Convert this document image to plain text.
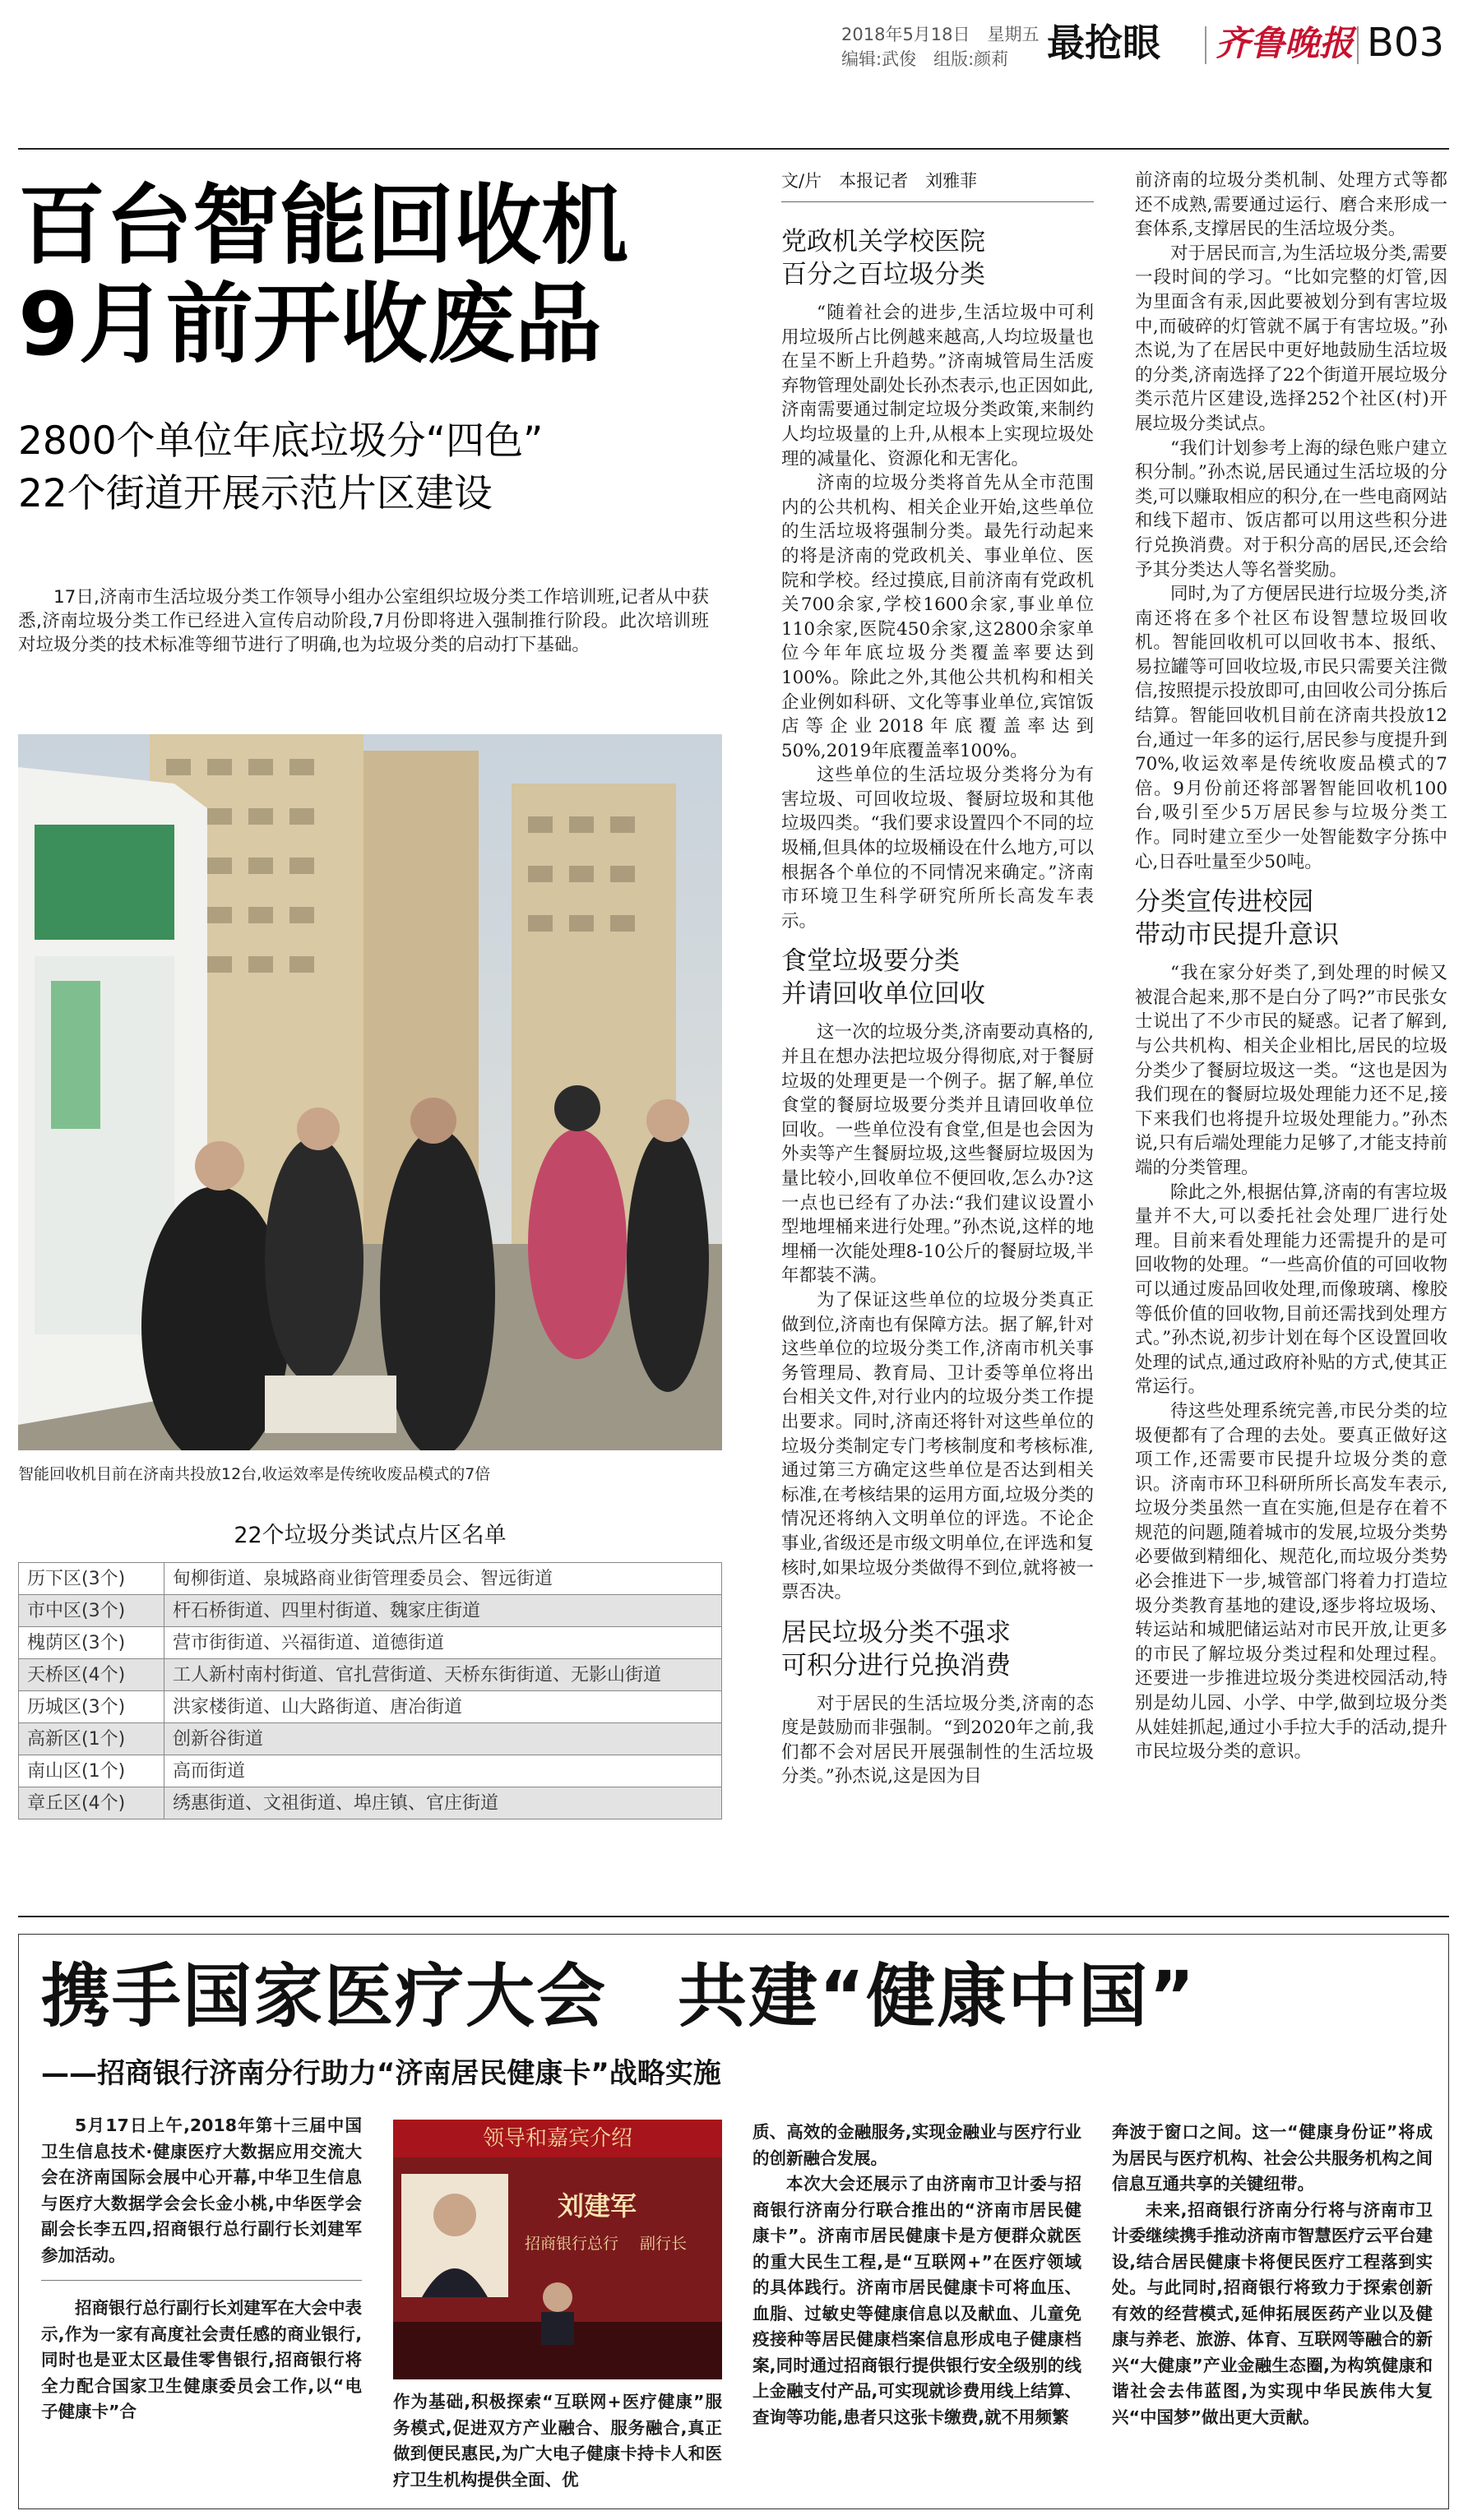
2018年5月18日　星期五
编辑:武俊　组版:颜莉 最抢眼 齐鲁晚报 B03
百台智能回收机
9月前开收废品
2800个单位年底垃圾分“四色”
22个街道开展示范片区建设
17日,济南市生活垃圾分类工作领导小组办公室组织垃圾分类工作培训班,记者从中获悉,济南垃圾分类工作已经进入宣传启动阶段,7月份即将进入强制推行阶段。此次培训班对垃圾分类的技术标准等细节进行了明确,也为垃圾分类的启动打下基础。
智能回收机目前在济南共投放12台,收运效率是传统收废品模式的7倍
22个垃圾分类试点片区名单
历下区(3个)	甸柳街道、泉城路商业街管理委员会、智远街道
市中区(3个)	杆石桥街道、四里村街道、魏家庄街道
槐荫区(3个)	营市街街道、兴福街道、道德街道
天桥区(4个)	工人新村南村街道、官扎营街道、天桥东街街道、无影山街道
历城区(3个)	洪家楼街道、山大路街道、唐冶街道
高新区(1个)	创新谷街道
南山区(1个)	高而街道
章丘区(4个)	绣惠街道、文祖街道、埠庄镇、官庄街道
文/片　本报记者　刘雅菲
党政机关学校医院
百分之百垃圾分类

“随着社会的进步,生活垃圾中可利用垃圾所占比例越来越高,人均垃圾量也在呈不断上升趋势。”济南城管局生活废弃物管理处副处长孙杰表示,也正因如此,济南需要通过制定垃圾分类政策,来制约人均垃圾量的上升,从根本上实现垃圾处理的减量化、资源化和无害化。

济南的垃圾分类将首先从全市范围内的公共机构、相关企业开始,这些单位的生活垃圾将强制分类。最先行动起来的将是济南的党政机关、事业单位、医院和学校。经过摸底,目前济南有党政机关700余家,学校1600余家,事业单位110余家,医院450余家,这2800余家单位今年年底垃圾分类覆盖率要达到100%。除此之外,其他公共机构和相关企业例如科研、文化等事业单位,宾馆饭店等企业2018年底覆盖率达到50%,2019年底覆盖率100%。

这些单位的生活垃圾分类将分为有害垃圾、可回收垃圾、餐厨垃圾和其他垃圾四类。“我们要求设置四个不同的垃圾桶,但具体的垃圾桶设在什么地方,可以根据各个单位的不同情况来确定。”济南市环境卫生科学研究所所长高发车表示。

食堂垃圾要分类
并请回收单位回收

这一次的垃圾分类,济南要动真格的,并且在想办法把垃圾分得彻底,对于餐厨垃圾的处理更是一个例子。据了解,单位食堂的餐厨垃圾要分类并且请回收单位回收。一些单位没有食堂,但是也会因为外卖等产生餐厨垃圾,这些餐厨垃圾因为量比较小,回收单位不便回收,怎么办?这一点也已经有了办法:“我们建议设置小型地埋桶来进行处理。”孙杰说,这样的地埋桶一次能处理8-10公斤的餐厨垃圾,半年都装不满。

为了保证这些单位的垃圾分类真正做到位,济南也有保障方法。据了解,针对这些单位的垃圾分类工作,济南市机关事务管理局、教育局、卫计委等单位将出台相关文件,对行业内的垃圾分类工作提出要求。同时,济南还将针对这些单位的垃圾分类制定专门考核制度和考核标准,通过第三方确定这些单位是否达到相关标准,在考核结果的运用方面,垃圾分类的情况还将纳入文明单位的评选。不论企事业,省级还是市级文明单位,在评选和复核时,如果垃圾分类做得不到位,就将被一票否决。

居民垃圾分类不强求
可积分进行兑换消费

对于居民的生活垃圾分类,济南的态度是鼓励而非强制。“到2020年之前,我们都不会对居民开展强制性的生活垃圾分类。”孙杰说,这是因为目

前济南的垃圾分类机制、处理方式等都还不成熟,需要通过运行、磨合来形成一套体系,支撑居民的生活垃圾分类。

对于居民而言,为生活垃圾分类,需要一段时间的学习。“比如完整的灯管,因为里面含有汞,因此要被划分到有害垃圾中,而破碎的灯管就不属于有害垃圾。”孙杰说,为了在居民中更好地鼓励生活垃圾的分类,济南选择了22个街道开展垃圾分类示范片区建设,选择252个社区(村)开展垃圾分类试点。

“我们计划参考上海的绿色账户建立积分制。”孙杰说,居民通过生活垃圾的分类,可以赚取相应的积分,在一些电商网站和线下超市、饭店都可以用这些积分进行兑换消费。对于积分高的居民,还会给予其分类达人等名誉奖励。

同时,为了方便居民进行垃圾分类,济南还将在多个社区布设智慧垃圾回收机。智能回收机可以回收书本、报纸、易拉罐等可回收垃圾,市民只需要关注微信,按照提示投放即可,由回收公司分拣后结算。智能回收机目前在济南共投放12台,通过一年多的运行,居民参与度提升到70%,收运效率是传统收废品模式的7倍。9月份前还将部署智能回收机100台,吸引至少5万居民参与垃圾分类工作。同时建立至少一处智能数字分拣中心,日吞吐量至少50吨。

分类宣传进校园
带动市民提升意识

“我在家分好类了,到处理的时候又被混合起来,那不是白分了吗?”市民张女士说出了不少市民的疑惑。记者了解到,与公共机构、相关企业相比,居民的垃圾分类少了餐厨垃圾这一类。“这也是因为我们现在的餐厨垃圾处理能力还不足,接下来我们也将提升垃圾处理能力。”孙杰说,只有后端处理能力足够了,才能支持前端的分类管理。

除此之外,根据估算,济南的有害垃圾量并不大,可以委托社会处理厂进行处理。目前来看处理能力还需提升的是可回收物的处理。“一些高价值的可回收物可以通过废品回收处理,而像玻璃、橡胶等低价值的回收物,目前还需找到处理方式。”孙杰说,初步计划在每个区设置回收处理的试点,通过政府补贴的方式,使其正常运行。

待这些处理系统完善,市民分类的垃圾便都有了合理的去处。要真正做好这项工作,还需要市民提升垃圾分类的意识。济南市环卫科研所所长高发车表示,垃圾分类虽然一直在实施,但是存在着不规范的问题,随着城市的发展,垃圾分类势必要做到精细化、规范化,而垃圾分类势必会推进下一步,城管部门将着力打造垃圾分类教育基地的建设,逐步将垃圾场、转运站和城肥储运站对市民开放,让更多的市民了解垃圾分类过程和处理过程。还要进一步推进垃圾分类进校园活动,特别是幼儿园、小学、中学,做到垃圾分类从娃娃抓起,通过小手拉大手的活动,提升市民垃圾分类的意识。

携手国家医疗大会　共建“健康中国”
——招商银行济南分行助力“济南居民健康卡”战略实施

5月17日上午,2018年第十三届中国卫生信息技术·健康医疗大数据应用交流大会在济南国际会展中心开幕,中华卫生信息与医疗大数据学会会长金小桃,中华医学会副会长李五四,招商银行总行副行长刘建军参加活动。

招商银行总行副行长刘建军在大会中表示,作为一家有高度社会责任感的商业银行,同时也是亚太区最佳零售银行,招商银行将全力配合国家卫生健康委员会工作,以“电子健康卡”合

领导和嘉宾介绍
刘建军
招商银行总行 副行长

作为基础,积极探索“互联网+医疗健康”服务模式,促进双方产业融合、服务融合,真正做到便民惠民,为广大电子健康卡持卡人和医疗卫生机构提供全面、优

质、高效的金融服务,实现金融业与医疗行业的创新融合发展。

本次大会还展示了由济南市卫计委与招商银行济南分行联合推出的“济南市居民健康卡”。济南市居民健康卡是方便群众就医的重大民生工程,是“互联网+”在医疗领域的具体践行。济南市居民健康卡可将血压、血脂、过敏史等健康信息以及献血、儿童免疫接种等居民健康档案信息形成电子健康档案,同时通过招商银行提供银行安全级别的线上金融支付产品,可实现就诊费用线上结算、查询等功能,患者只这张卡缴费,就不用频繁

奔波于窗口之间。这一“健康身份证”将成为居民与医疗机构、社会公共服务机构之间信息互通共享的关键纽带。

未来,招商银行济南分行将与济南市卫计委继续携手推动济南市智慧医疗云平台建设,结合居民健康卡将便民医疗工程落到实处。与此同时,招商银行将致力于探索创新有效的经营模式,延伸拓展医药产业以及健康与养老、旅游、体育、互联网等融合的新兴“大健康”产业金融生态圈,为构筑健康和谐社会去伟蓝图,为实现中华民族伟大复兴“中国梦”做出更大贡献。
